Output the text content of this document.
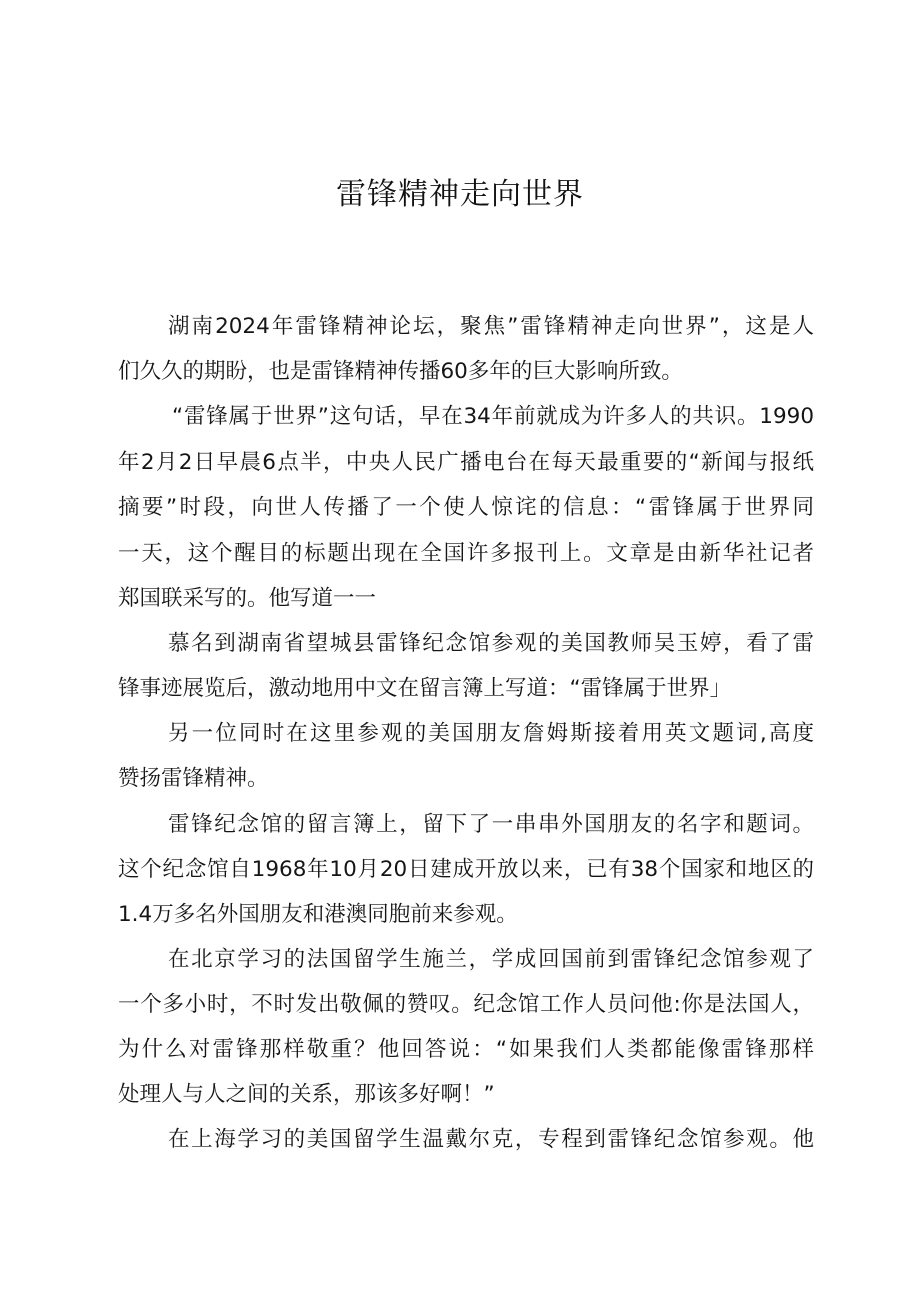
雷锋精神走向世界
湖南2024年雷锋精神论坛，聚焦”雷锋精神走向世界”，这是人
们久久的期盼，也是雷锋精神传播60多年的巨大影响所致。
“雷锋属于世界”这句话，早在34年前就成为许多人的共识。1990
年2月2日早晨6点半，中央人民广播电台在每天最重要的“新闻与报纸
摘要”时段，向世人传播了一个使人惊诧的信息：“雷锋属于世界同
一天，这个醒目的标题出现在全国许多报刊上。文章是由新华社记者
郑国联采写的。他写道一一
慕名到湖南省望城县雷锋纪念馆参观的美国教师吴玉婷，看了雷
锋事迹展览后，激动地用中文在留言簿上写道：“雷锋属于世界」
另一位同时在这里参观的美国朋友詹姆斯接着用英文题词,高度
赞扬雷锋精神。
雷锋纪念馆的留言簿上，留下了一串串外国朋友的名字和题词。
这个纪念馆自1968年10月20日建成开放以来，已有38个国家和地区的
1.4万多名外国朋友和港澳同胞前来参观。
在北京学习的法国留学生施兰，学成回国前到雷锋纪念馆参观了
一个多小时，不时发出敬佩的赞叹。纪念馆工作人员问他:你是法国人，
为什么对雷锋那样敬重？他回答说：“如果我们人类都能像雷锋那样
处理人与人之间的关系，那该多好啊！”
在上海学习的美国留学生温戴尔克，专程到雷锋纪念馆参观。他
